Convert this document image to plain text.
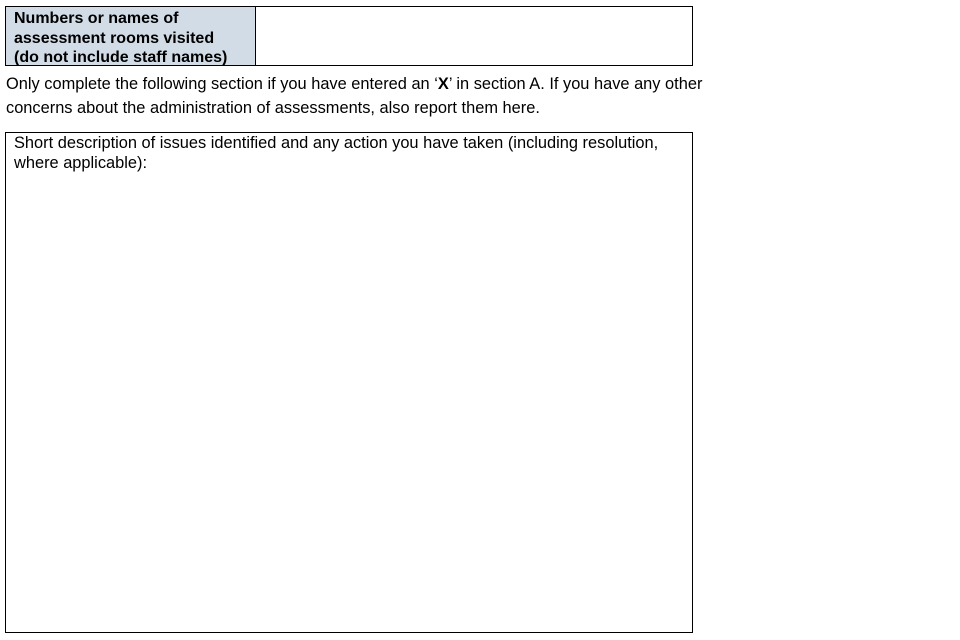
Numbers or names of
assessment rooms visited
(do not include staff names)

Only complete the following section if you have entered an ‘X’ in section A. If you have any other concerns about the administration of assessments, also report them here.

Short description of issues identified and any action you have taken (including resolution, where applicable):
